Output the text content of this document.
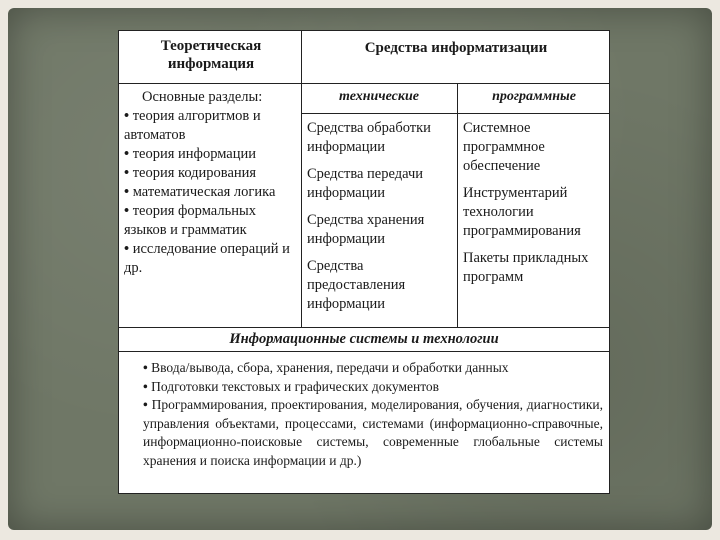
Теоретическая информация
Средства информатизации
технические	программные
Основные разделы:
• теория алгоритмов и автоматов
• теория информации
• теория кодирования
• математическая логика
• теория формальных языков и грамматик
• исследование операций и др.
Средства обработки информации
Средства передачи информации
Средства хранения информации
Средства предоставления информации
Системное программное обеспечение
Инструментарий технологии программирования
Пакеты прикладных программ
Информационные системы и технологии
• Ввода/вывода, сбора, хранения, передачи и обработки данных
• Подготовки текстовых и графических документов
• Программирования, проектирования, моделирования, обучения, диагностики, управления объектами, процессами, системами (информационно-справочные, информационно-поисковые системы, современные глобальные системы хранения и поиска информации и др.)
